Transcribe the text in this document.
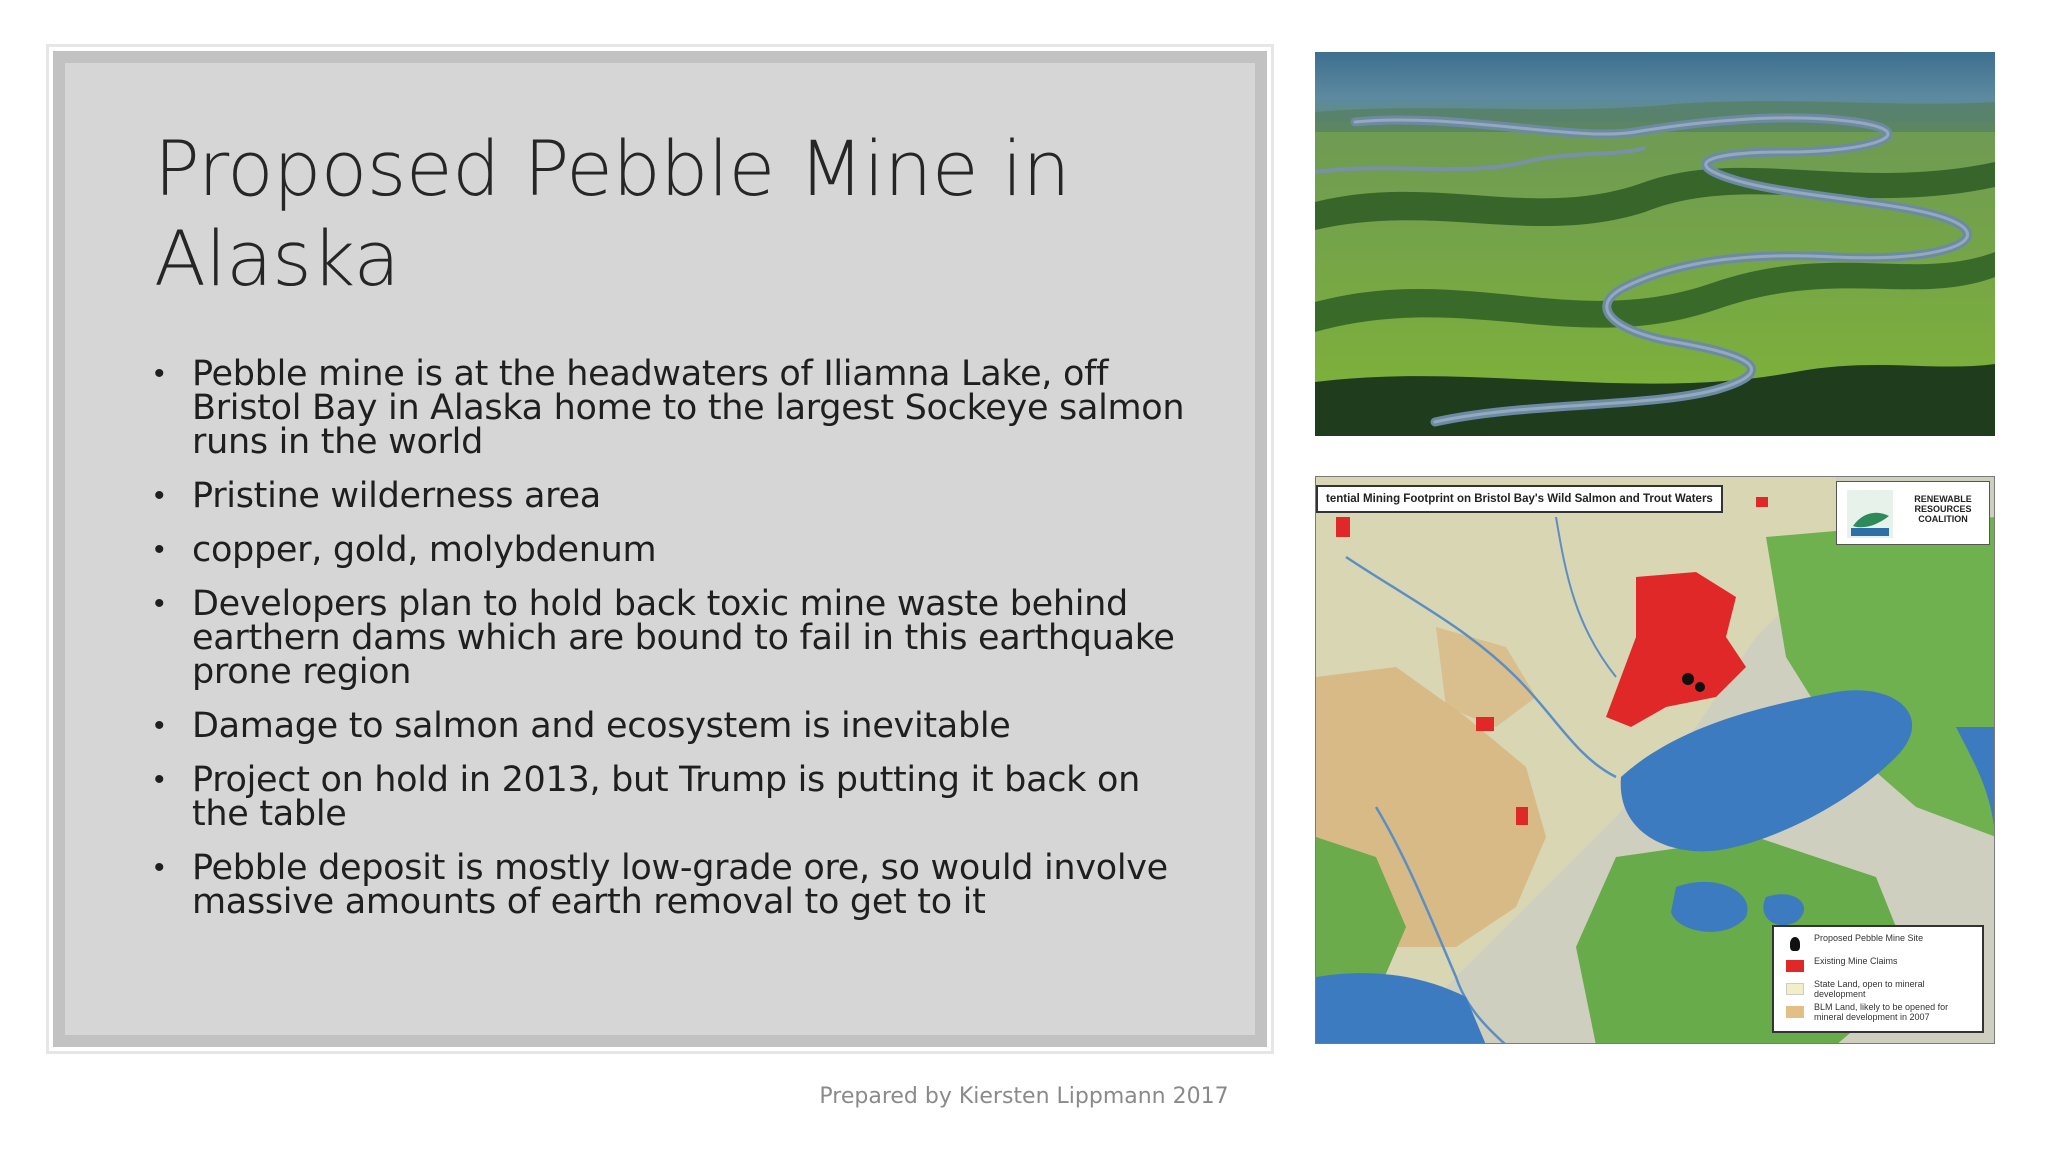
Proposed Pebble Mine in Alaska
• Pebble mine is at the headwaters of Iliamna Lake, off Bristol Bay in Alaska home to the largest Sockeye salmon runs in the world
• Pristine wilderness area
• copper, gold, molybdenum
• Developers plan to hold back toxic mine waste behind earthern dams which are bound to fail in this earthquake prone region
• Damage to salmon and ecosystem is inevitable
• Project on hold in 2013, but Trump is putting it back on the table
• Pebble deposit is mostly low-grade ore, so would involve massive amounts of earth removal to get to it
tential Mining Footprint on Bristol Bay's Wild Salmon and Trout Waters	RENEWABLE RESOURCES COALITION
Proposed Pebble Mine Site
Existing Mine Claims
State Land, open to mineral development
BLM Land, likely to be opened for mineral development in 2007
Prepared by Kiersten Lippmann 2017
